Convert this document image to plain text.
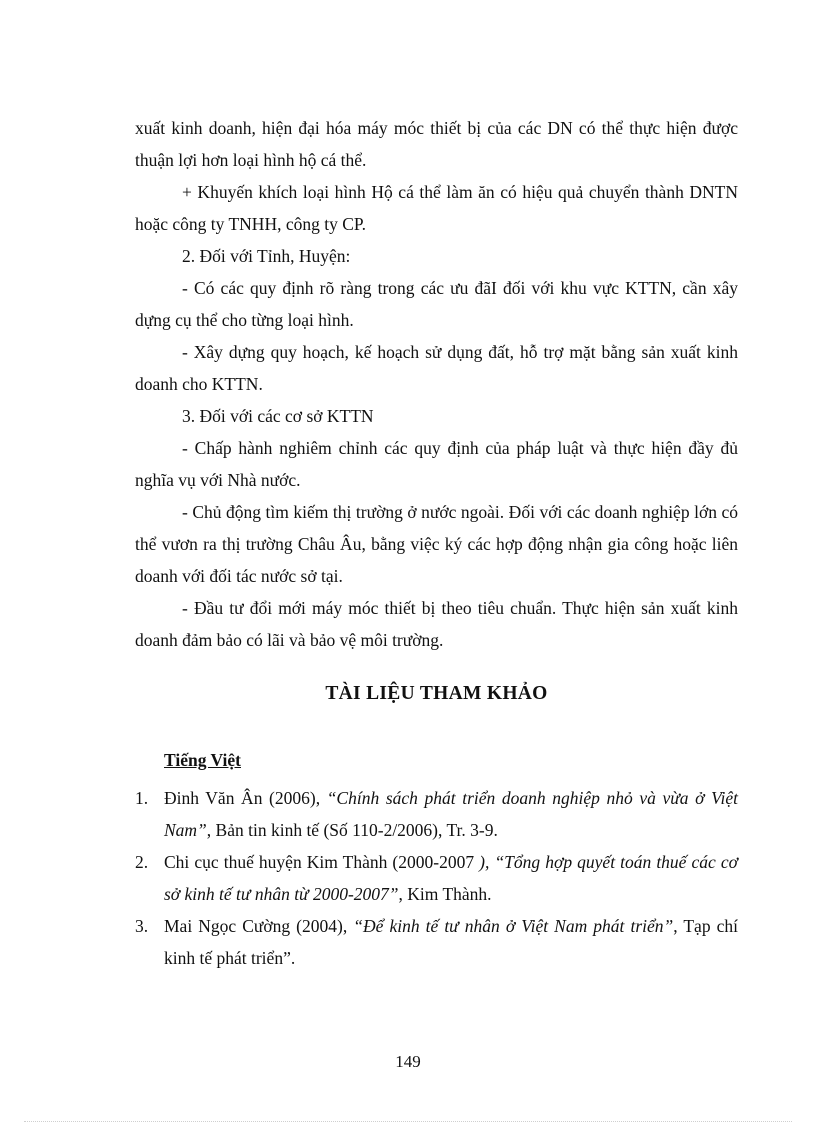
xuất kinh doanh, hiện đại hóa máy móc thiết bị của các DN có thể thực hiện được thuận lợi hơn loại hình hộ cá thể.

+ Khuyến khích loại hình Hộ cá thể làm ăn có hiệu quả chuyển thành DNTN hoặc công ty TNHH, công ty CP.

2. Đối với Tỉnh, Huyện:

- Có các quy định rõ ràng trong các ưu đãI đối với khu vực KTTN, cần xây dựng cụ thể cho từng loại hình.

- Xây dựng quy hoạch, kế hoạch sử dụng đất, hỗ trợ mặt bằng sản xuất kinh doanh cho KTTN.

3. Đối với các cơ sở KTTN

- Chấp hành nghiêm chỉnh các quy định của pháp luật và thực hiện đầy đủ nghĩa vụ với Nhà nước.

- Chủ động tìm kiếm thị trường ở nước ngoài. Đối với các doanh nghiệp lớn có thể vươn ra thị trường Châu Âu, bằng việc ký các hợp động nhận gia công hoặc liên doanh với đối tác nước sở tại.

- Đầu tư đổi mới máy móc thiết bị theo tiêu chuẩn. Thực hiện sản xuất kinh doanh đảm bảo có lãi và bảo vệ môi trường.

TÀI LIỆU THAM KHẢO
Tiếng Việt
1. Đinh Văn Ân (2006), “Chính sách phát triển doanh nghiệp nhỏ và vừa ở Việt Nam”, Bản tin kinh tế (Số 110-2/2006), Tr. 3-9.
2. Chi cục thuế huyện Kim Thành (2000-2007 ), “Tổng hợp quyết toán thuế các cơ sở kinh tế tư nhân từ 2000-2007”, Kim Thành.
3. Mai Ngọc Cường (2004), “Để kinh tế tư nhân ở Việt Nam phát triển”, Tạp chí kinh tế phát triển”.
149
